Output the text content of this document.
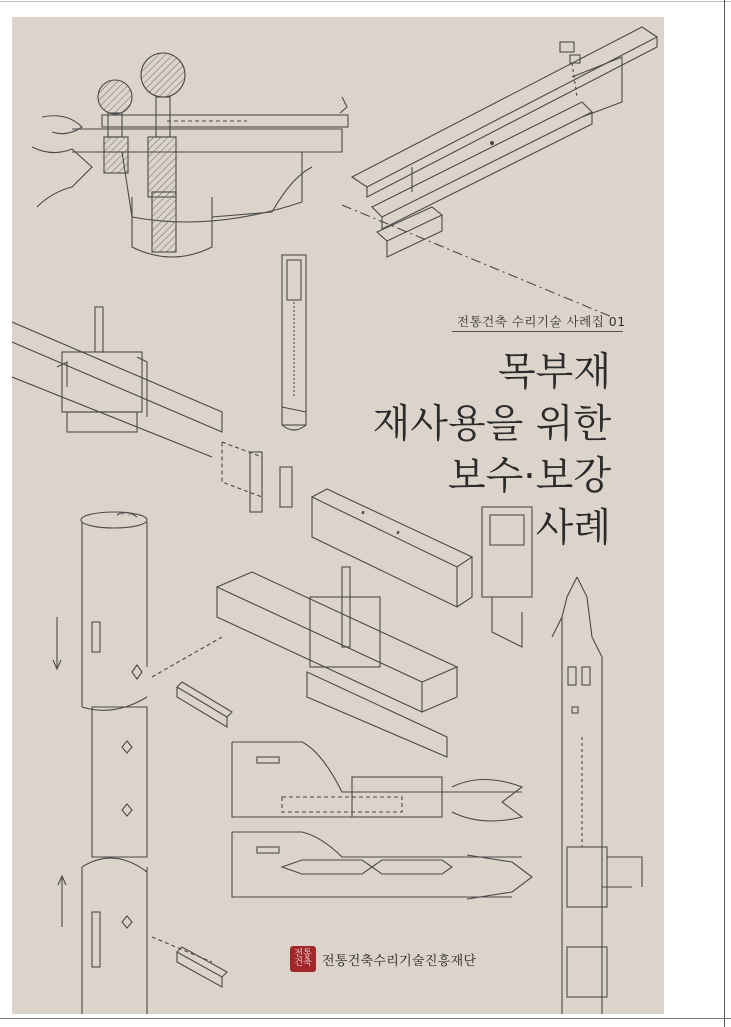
전통건축 수리기술 사례집 01
목부재
재사용을 위한
보수·보강
사례
전통
건축 전통건축수리기술진흥재단
